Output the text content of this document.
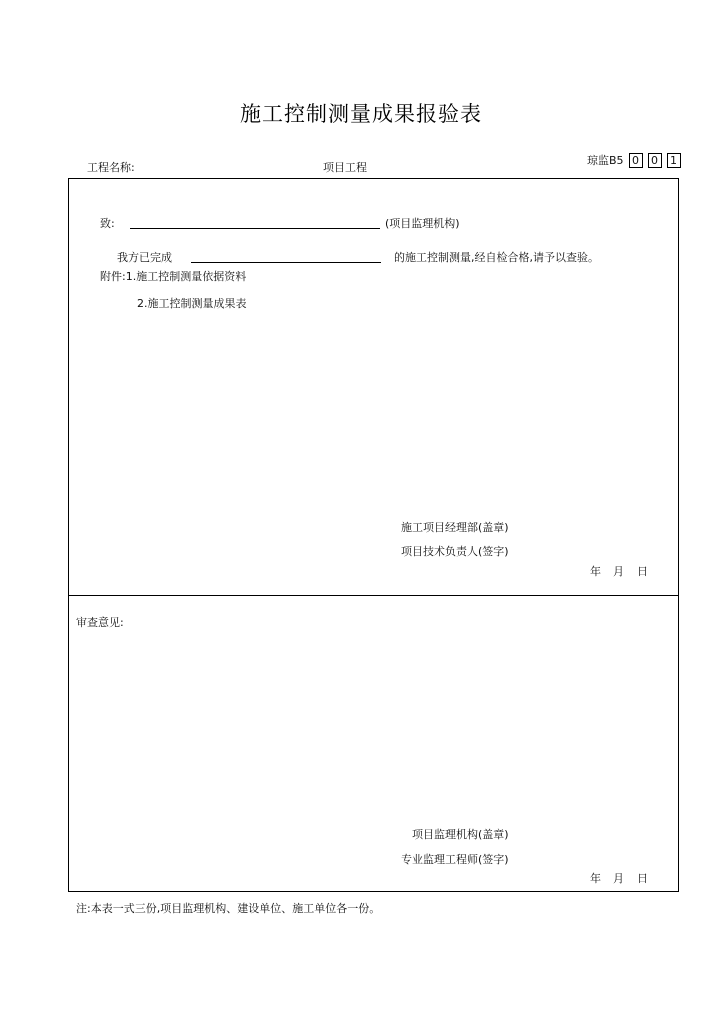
施工控制测量成果报验表
工程名称:	项目工程
琼监B5 0	0	1
致:	(项目监理机构)
我方已完成	的施工控制测量,经自检合格,请予以查验。
附件:1.施工控制测量依据资料
2.施工控制测量成果表
施工项目经理部(盖章)
项目技术负责人(签字)
年 月 日
审查意见:
项目监理机构(盖章)
专业监理工程师(签字)
年 月 日
注:本表一式三份,项目监理机构、建设单位、施工单位各一份。
